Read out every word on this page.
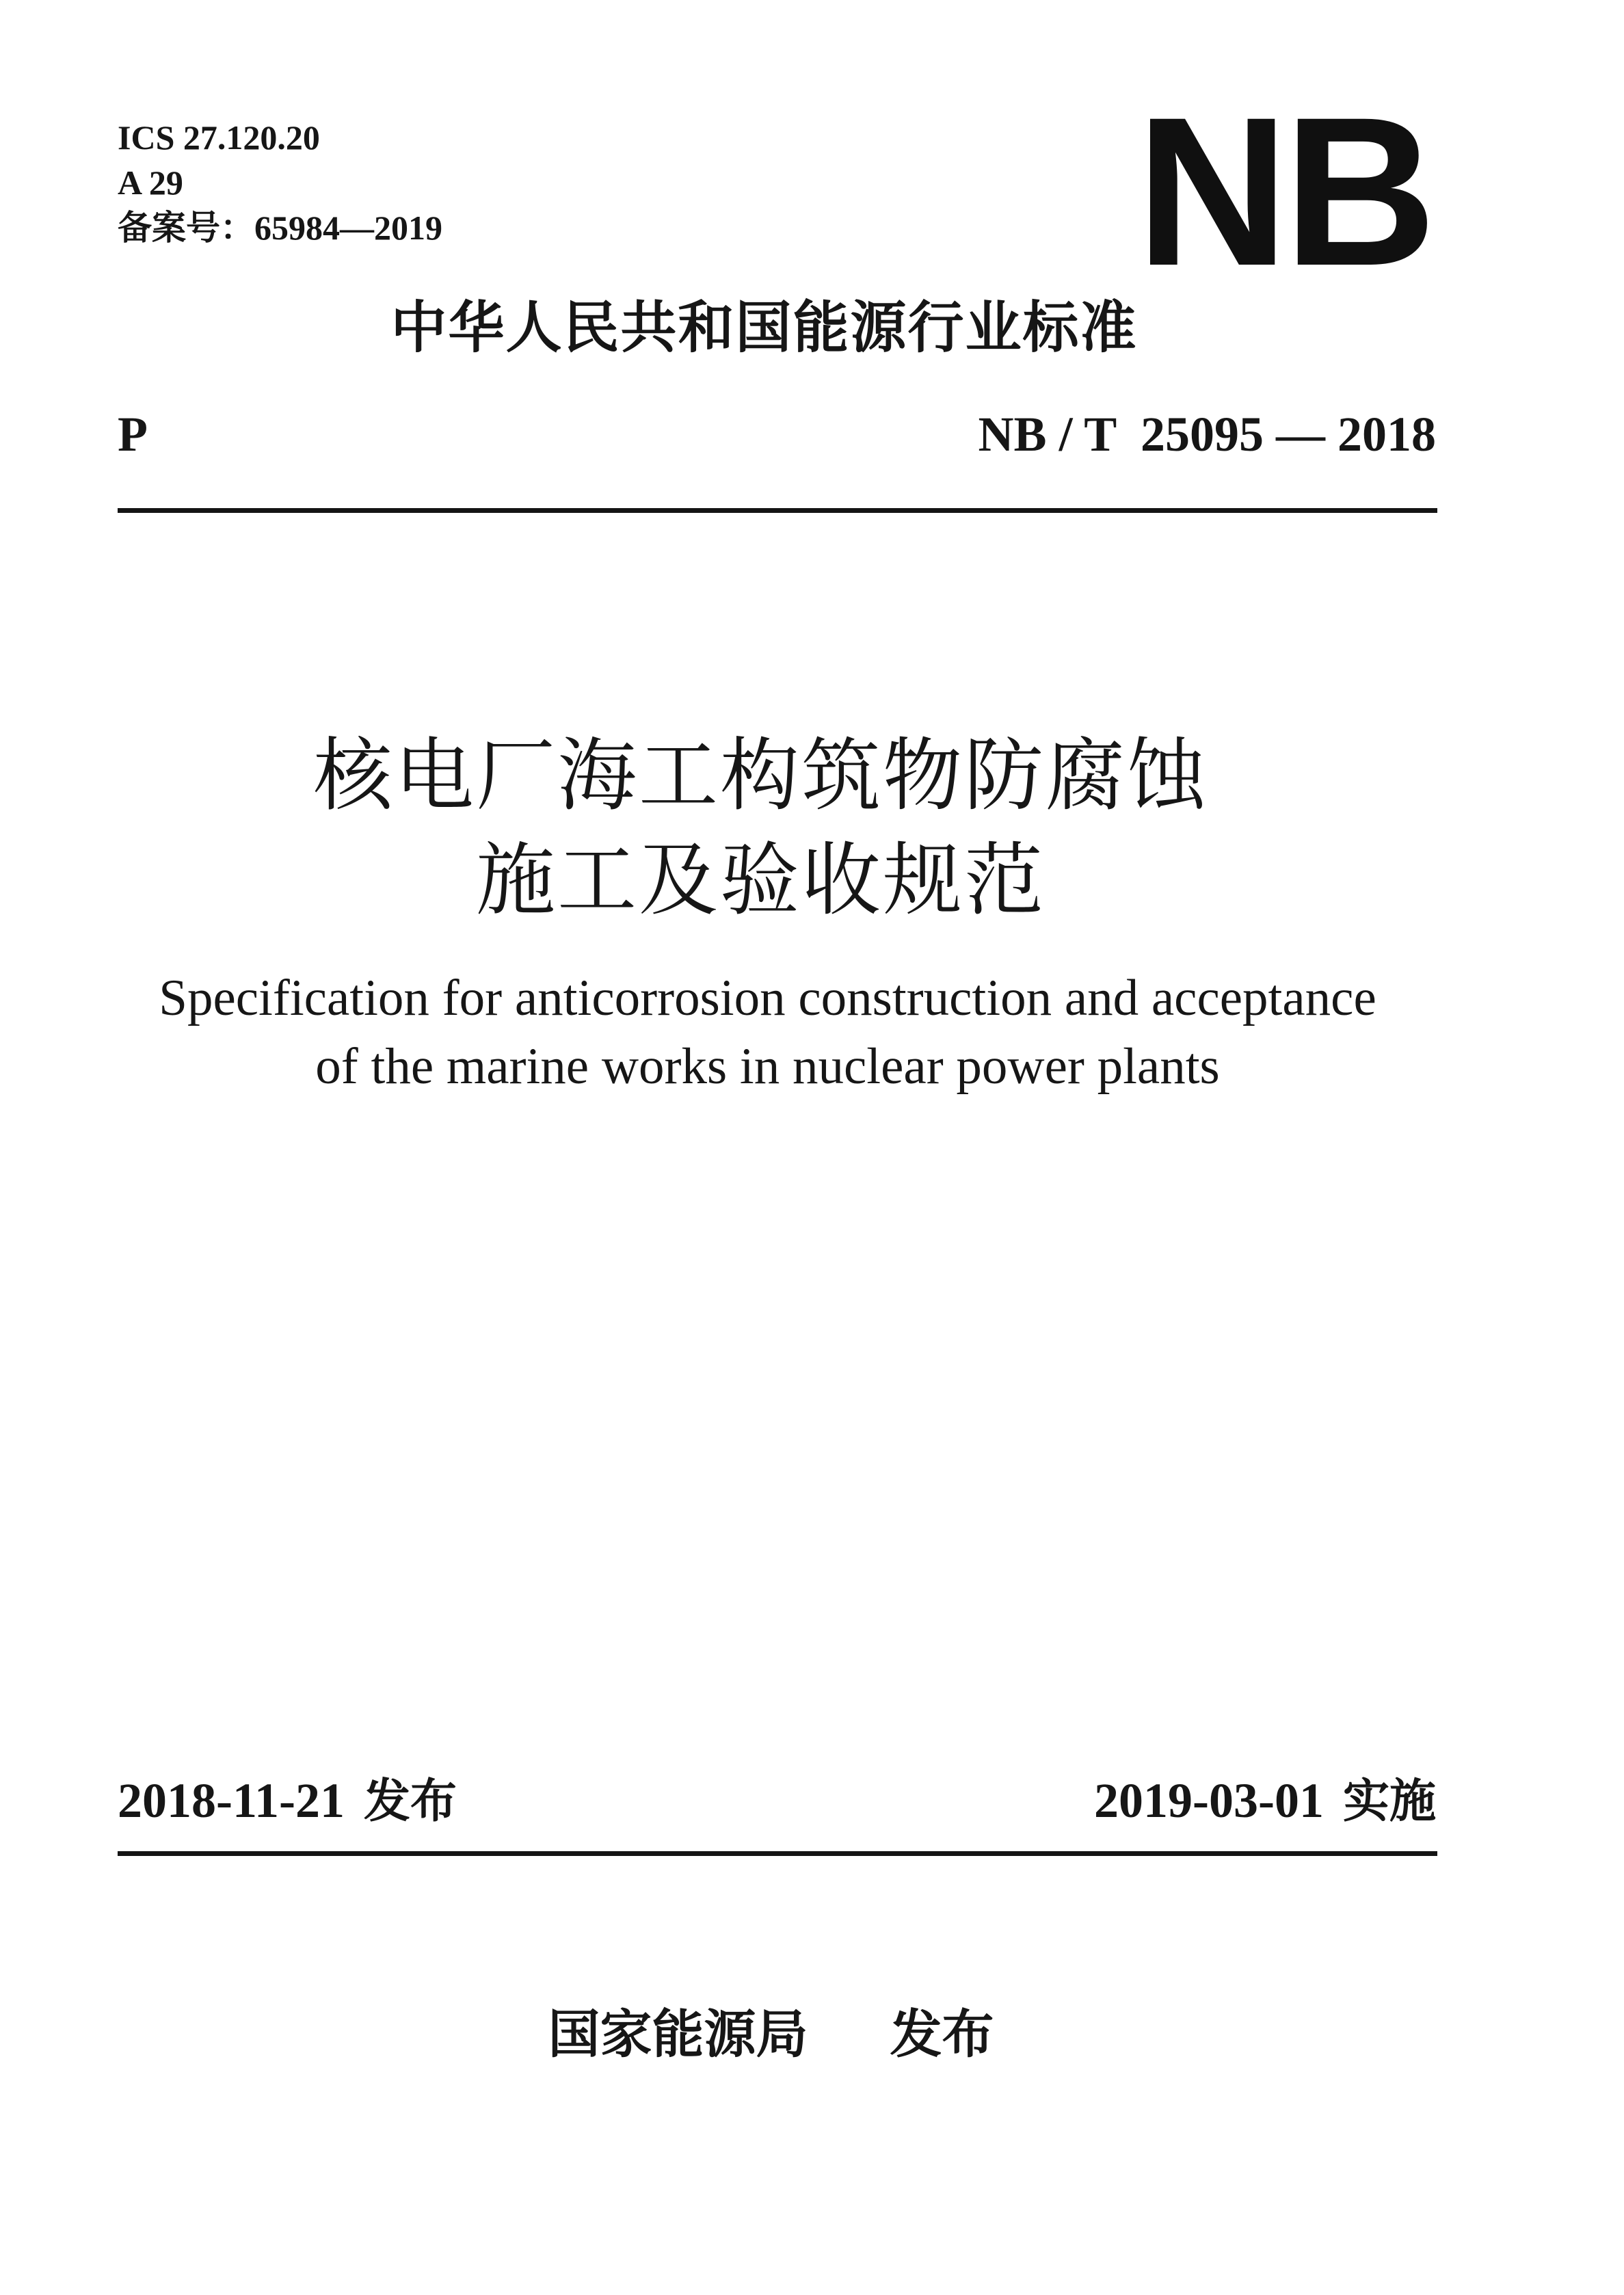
ICS 27.120.20
A 29
备案号：65984—2019	NB
中华人民共和国能源行业标准
P	NB / T  25095 — 2018
核电厂海工构筑物防腐蚀
施工及验收规范
Specification for anticorrosion construction and acceptance
of the marine works in nuclear power plants
2018-11-21 发布	2019-03-01 实施
国家能源局 发布
